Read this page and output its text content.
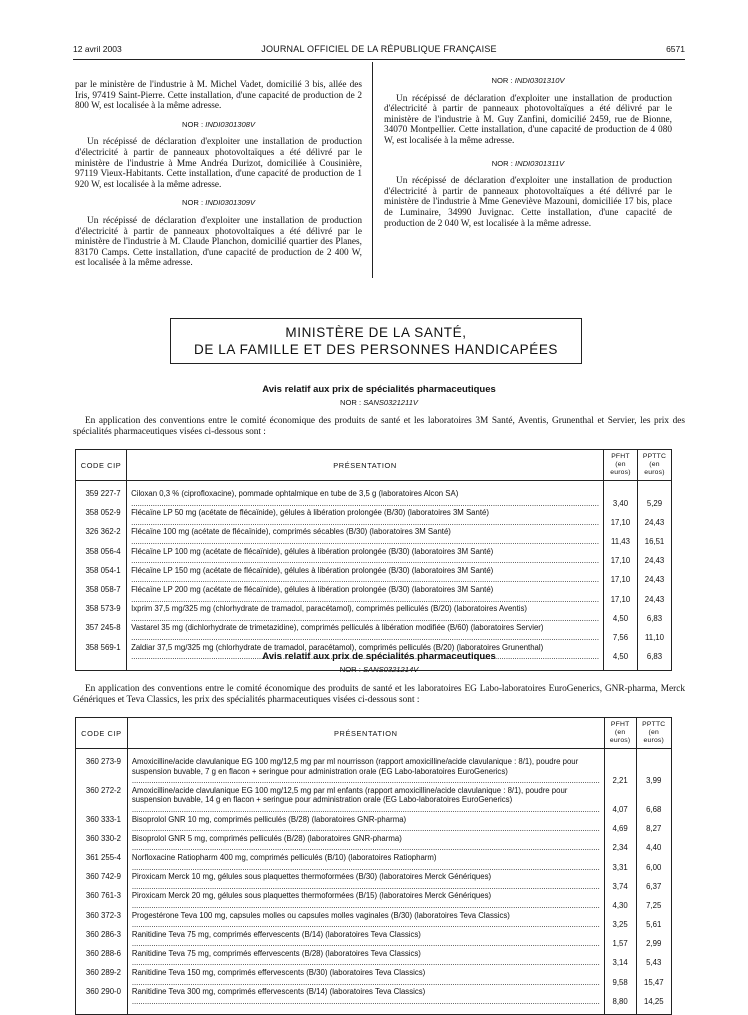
12 avril 2003	JOURNAL OFFICIEL DE LA RÉPUBLIQUE FRANÇAISE	6571

par le ministère de l'industrie à M. Michel Vadet, domicilié 3 bis, allée des Iris, 97419 Saint-Pierre. Cette installation, d'une capacité de production de 2 800 W, est localisée à la même adresse.

NOR : INDI0301308V

Un récépissé de déclaration d'exploiter une installation de production d'électricité à partir de panneaux photovoltaïques a été délivré par le ministère de l'industrie à Mme Andréa Durizot, domiciliée à Cousinière, 97119 Vieux-Habitants. Cette installation, d'une capacité de production de 1 920 W, est localisée à la même adresse.

NOR : INDI0301309V

Un récépissé de déclaration d'exploiter une installation de production d'électricité à partir de panneaux photovoltaïques a été délivré par le ministère de l'industrie à M. Claude Planchon, domicilié quartier des Planes, 83170 Camps. Cette installation, d'une capacité de production de 2 400 W, est localisée à la même adresse.

NOR : INDI0301310V

Un récépissé de déclaration d'exploiter une installation de production d'électricité à partir de panneaux photovoltaïques a été délivré par le ministère de l'industrie à M. Guy Zanfini, domicilié 2459, rue de Bionne, 34070 Montpellier. Cette installation, d'une capacité de production de 4 080 W, est localisée à la même adresse.

NOR : INDI0301311V

Un récépissé de déclaration d'exploiter une installation de production d'électricité à partir de panneaux photovoltaïques a été délivré par le ministère de l'industrie à Mme Geneviève Mazouni, domiciliée 17 bis, place de Luminaire, 34990 Juvignac. Cette installation, d'une capacité de production de 2 040 W, est localisée à la même adresse.

MINISTÈRE DE LA SANTÉ,
DE LA FAMILLE ET DES PERSONNES HANDICAPÉES
Avis relatif aux prix de spécialités pharmaceutiques
NOR : SANS0321211V
En application des conventions entre le comité économique des produits de santé et les laboratoires 3M Santé, Aventis, Grunenthal et Servier, les prix des spécialités pharmaceutiques visées ci-dessous sont :
CODE CIP	PRÉSENTATION	PFHT
(en euros)	PPTTC
(en euros)
359 227-7	Ciloxan 0,3 % (ciprofloxacine), pommade ophtalmique en tube de 3,5 g (laboratoires Alcon SA) .....	3,40	5,29
358 052-9	Flécaïne LP 50 mg (acétate de flécaïnide), gélules à libération prolongée (B/30) (laboratoires 3M Santé) .....	17,10	24,43
326 362-2	Flécaïne 100 mg (acétate de flécaïnide), comprimés sécables (B/30) (laboratoires 3M Santé) .....	11,43	16,51
358 056-4	Flécaïne LP 100 mg (acétate de flécaïnide), gélules à libération prolongée (B/30) (laboratoires 3M Santé) .....	17,10	24,43
358 054-1	Flécaïne LP 150 mg (acétate de flécaïnide), gélules à libération prolongée (B/30) (laboratoires 3M Santé) .....	17,10	24,43
358 058-7	Flécaïne LP 200 mg (acétate de flécaïnide), gélules à libération prolongée (B/30) (laboratoires 3M Santé) .....	17,10	24,43
358 573-9	Ixprim 37,5 mg/325 mg (chlorhydrate de tramadol, paracétamol), comprimés pelliculés (B/20) (laboratoires Aventis) .....	4,50	6,83
357 245-8	Vastarel 35 mg (dichlorhydrate de trimetazidine), comprimés pelliculés à libération modifiée (B/60) (laboratoires Servier) .....	7,56	11,10
358 569-1	Zaldiar 37,5 mg/325 mg (chlorhydrate de tramadol, paracétamol), comprimés pelliculés (B/20) (laboratoires Grunenthal) .....	4,50	6,83
Avis relatif aux prix de spécialités pharmaceutiques
NOR : SANS0321214V
En application des conventions entre le comité économique des produits de santé et les laboratoires EG Labo-laboratoires EuroGenerics, GNR-pharma, Merck Génériques et Teva Classics, les prix des spécialités pharmaceutiques visées ci-dessous sont :
CODE CIP	PRÉSENTATION	PFHT
(en euros)	PPTTC
(en euros)
360 273-9	Amoxicilline/acide clavulanique EG 100 mg/12,5 mg par ml nourrisson (rapport amoxicilline/acide clavulanique : 8/1), poudre pour suspension buvable, 7 g en flacon + seringue pour administration orale (EG Labo-laboratoires EuroGenerics) .....	2,21	3,99
360 272-2	Amoxicilline/acide clavulanique EG 100 mg/12,5 mg par ml enfants (rapport amoxicilline/acide clavulanique : 8/1), poudre pour suspension buvable, 14 g en flacon + seringue pour administration orale (EG Labo-laboratoires EuroGenerics) .....	4,07	6,68
360 333-1	Bisoprolol GNR 10 mg, comprimés pelliculés (B/28) (laboratoires GNR-pharma) .....	4,69	8,27
360 330-2	Bisoprolol GNR 5 mg, comprimés pelliculés (B/28) (laboratoires GNR-pharma) .....	2,34	4,40
361 255-4	Norfloxacine Ratiopharm 400 mg, comprimés pelliculés (B/10) (laboratoires Ratiopharm) .....	3,31	6,00
360 742-9	Piroxicam Merck 10 mg, gélules sous plaquettes thermoformées (B/30) (laboratoires Merck Génériques) .....	3,74	6,37
360 761-3	Piroxicam Merck 20 mg, gélules sous plaquettes thermoformées (B/15) (laboratoires Merck Génériques) .....	4,30	7,25
360 372-3	Progestérone Teva 100 mg, capsules molles ou capsules molles vaginales (B/30) (laboratoires Teva Classics) .....	3,25	5,61
360 286-3	Ranitidine Teva 75 mg, comprimés effervescents (B/14) (laboratoires Teva Classics) .....	1,57	2,99
360 288-6	Ranitidine Teva 75 mg, comprimés effervescents (B/28) (laboratoires Teva Classics) .....	3,14	5,43
360 289-2	Ranitidine Teva 150 mg, comprimés effervescents (B/30) (laboratoires Teva Classics) .....	9,58	15,47
360 290-0	Ranitidine Teva 300 mg, comprimés effervescents (B/14) (laboratoires Teva Classics) .....	8,80	14,25
